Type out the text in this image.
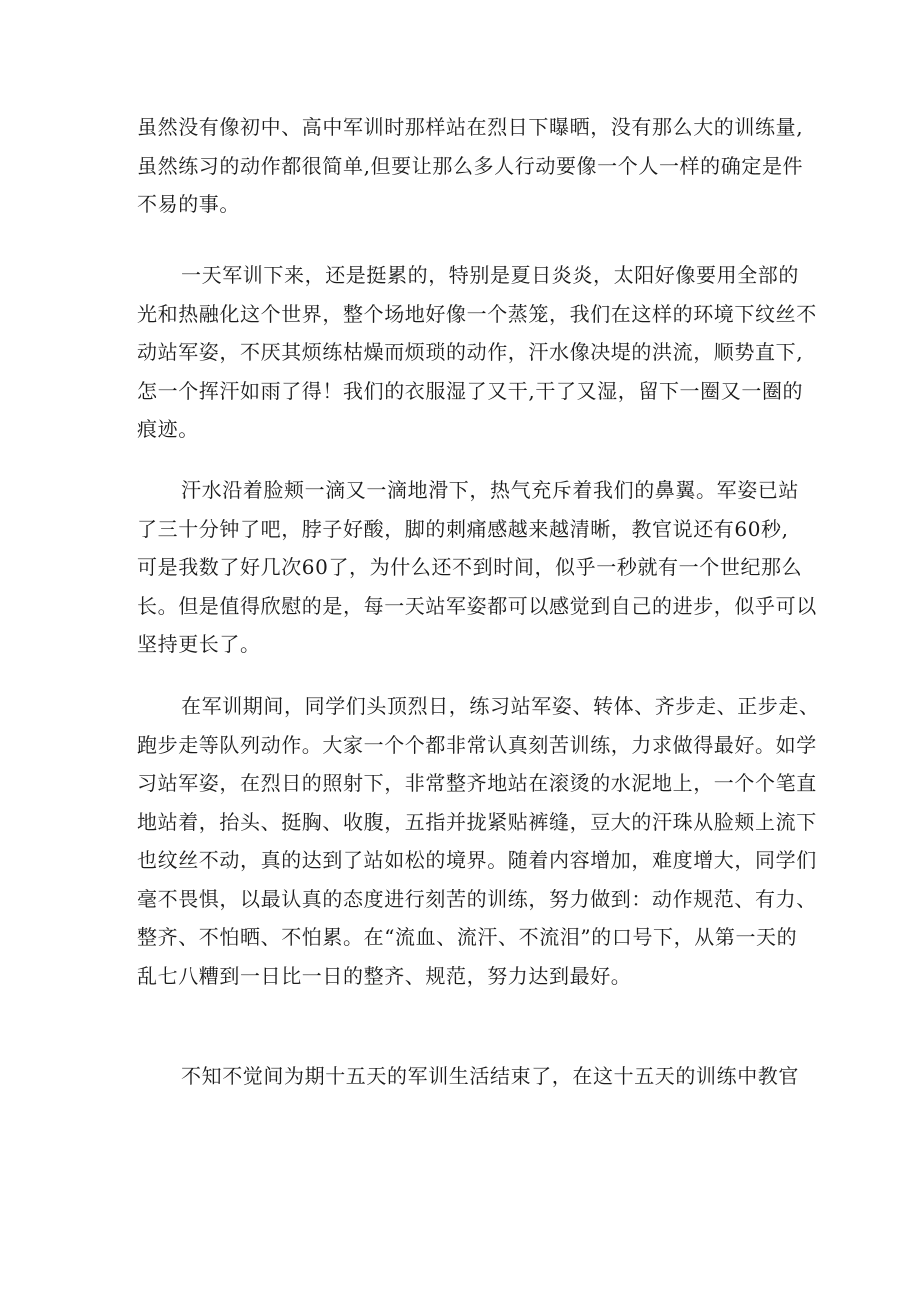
虽然没有像初中、高中军训时那样站在烈日下曝晒，没有那么大的训练量,
虽然练习的动作都很简单,但要让那么多人行动要像一个人一样的确定是件
不易的事。
一天军训下来，还是挺累的，特别是夏日炎炎，太阳好像要用全部的
光和热融化这个世界，整个场地好像一个蒸笼，我们在这样的环境下纹丝不
动站军姿，不厌其烦练枯燥而烦琐的动作，汗水像决堤的洪流，顺势直下,
怎一个挥汗如雨了得！我们的衣服湿了又干,干了又湿，留下一圈又一圈的
痕迹。
汗水沿着脸颊一滴又一滴地滑下，热气充斥着我们的鼻翼。军姿已站
了三十分钟了吧，脖子好酸，脚的刺痛感越来越清晰，教官说还有60秒,
可是我数了好几次60了，为什么还不到时间，似乎一秒就有一个世纪那么
长。但是值得欣慰的是，每一天站军姿都可以感觉到自己的进步，似乎可以
坚持更长了。
在军训期间，同学们头顶烈日，练习站军姿、转体、齐步走、正步走、
跑步走等队列动作。大家一个个都非常认真刻苦训练，力求做得最好。如学
习站军姿，在烈日的照射下，非常整齐地站在滚烫的水泥地上，一个个笔直
地站着，抬头、挺胸、收腹，五指并拢紧贴裤缝，豆大的汗珠从脸颊上流下
也纹丝不动，真的达到了站如松的境界。随着内容增加，难度增大，同学们
毫不畏惧，以最认真的态度进行刻苦的训练，努力做到：动作规范、有力、
整齐、不怕晒、不怕累。在“流血、流汗、不流泪”的口号下，从第一天的
乱七八糟到一日比一日的整齐、规范，努力达到最好。
不知不觉间为期十五天的军训生活结束了，在这十五天的训练中教官
